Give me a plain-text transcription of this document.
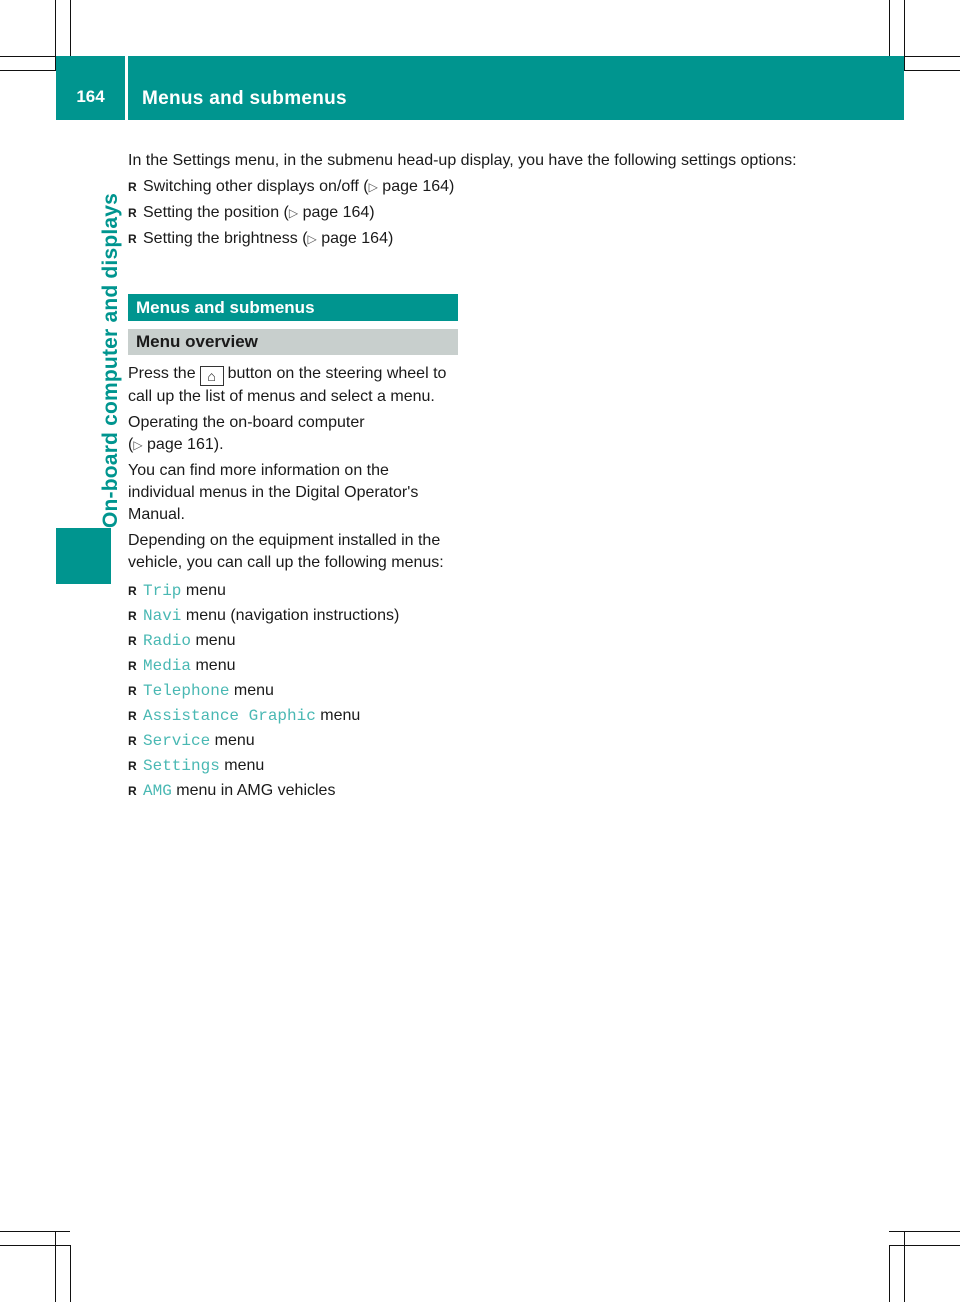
164	Menus and submenus
On-board computer and displays

In the Settings menu, in the submenu head-up display, you have the following settings options:

R Switching other displays on/off (▷ page 164)
R Setting the position (▷ page 164)
R Setting the brightness (▷ page 164)
Menus and submenus
Menu overview

Press the ⌂ button on the steering wheel to call up the list of menus and select a menu.

Operating the on-board computer
(▷ page 161).

You can find more information on the individual menus in the Digital Operator's Manual.

Depending on the equipment installed in the vehicle, you can call up the following menus:

R Trip menu
R Navi menu (navigation instructions)
R Radio menu
R Media menu
R Telephone menu
R Assistance Graphic menu
R Service menu
R Settings menu
R AMG menu in AMG vehicles
